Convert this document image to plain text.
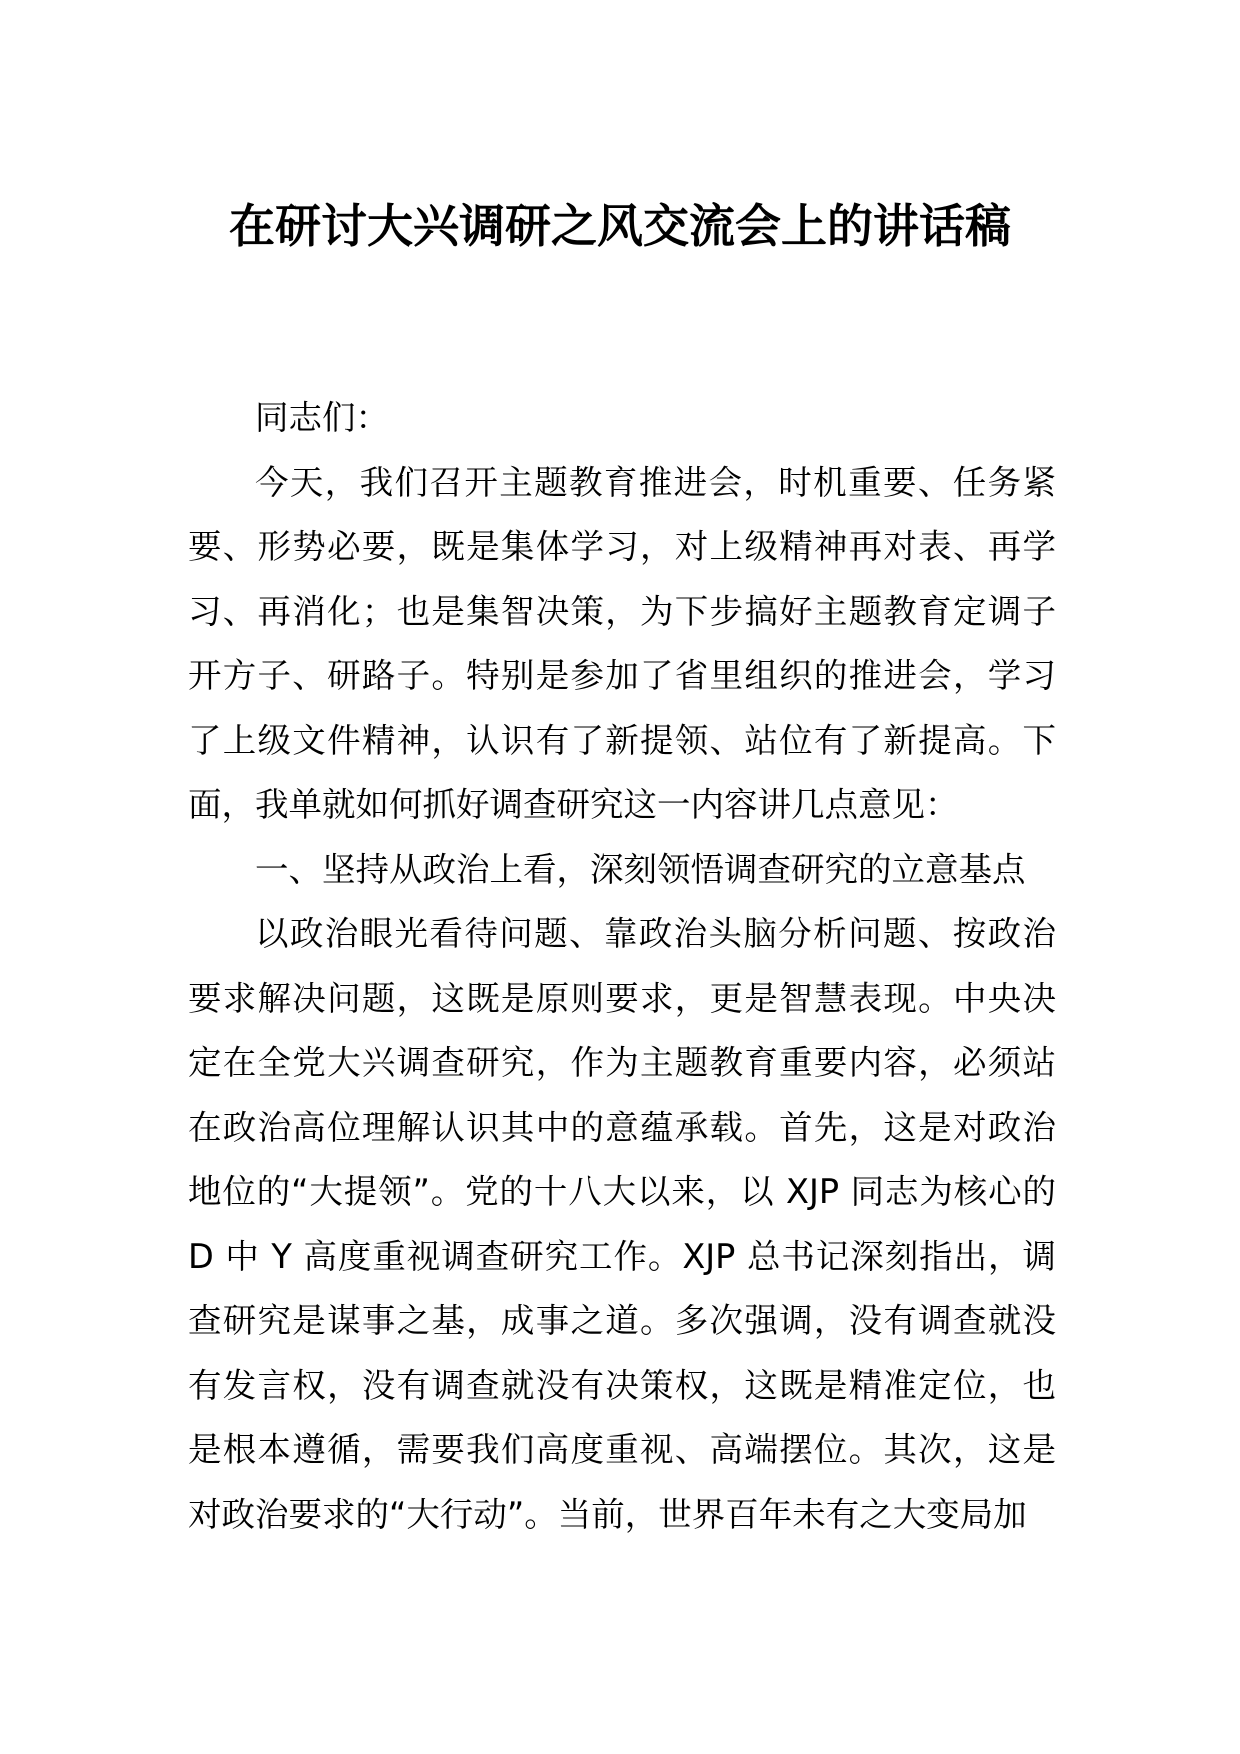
在研讨大兴调研之风交流会上的讲话稿

同志们：

今天，我们召开主题教育推进会，时机重要、任务紧要、形势必要，既是集体学习，对上级精神再对表、再学习、再消化；也是集智决策，为下步搞好主题教育定调子开方子、研路子。特别是参加了省里组织的推进会，学习了上级文件精神，认识有了新提领、站位有了新提高。下面，我单就如何抓好调查研究这一内容讲几点意见：

一、坚持从政治上看，深刻领悟调查研究的立意基点

以政治眼光看待问题、靠政治头脑分析问题、按政治要求解决问题，这既是原则要求，更是智慧表现。中央决定在全党大兴调查研究，作为主题教育重要内容，必须站在政治高位理解认识其中的意蕴承载。首先，这是对政治地位的“大提领”。党的十八大以来，以 XJP 同志为核心的 D 中 Y 高度重视调查研究工作。XJP 总书记深刻指出，调查研究是谋事之基，成事之道。多次强调，没有调查就没有发言权，没有调查就没有决策权，这既是精准定位，也是根本遵循，需要我们高度重视、高端摆位。其次，这是对政治要求的“大行动”。当前，世界百年未有之大变局加
